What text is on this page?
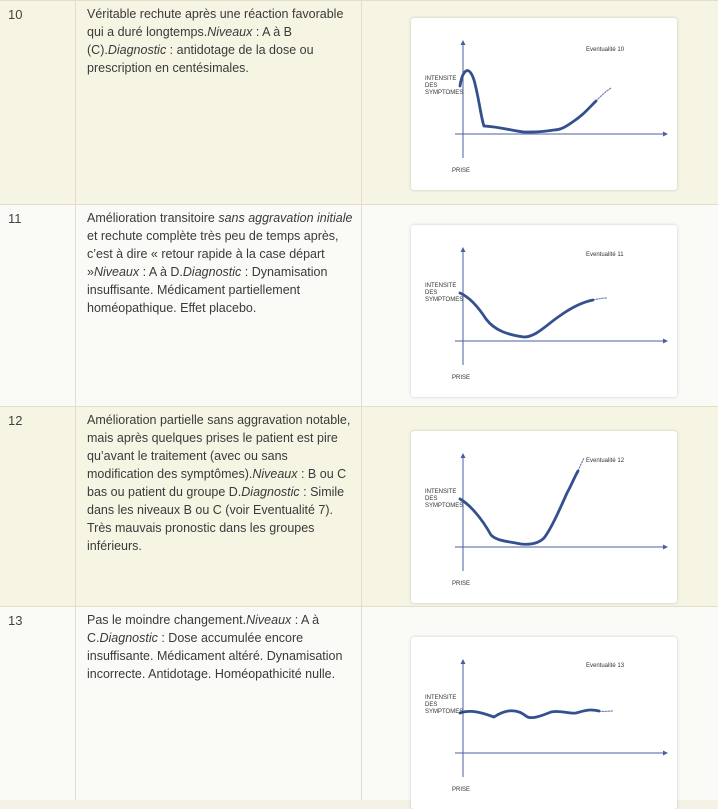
10	Véritable rechute après une réaction favorable qui a duré longtemps.Niveaux : A à B (C).Diagnostic : antidotage de la dose ou prescription en centésimales.
Eventualité 10
INTENSITE
DES
SYMPTOMES
PRISE
11	Amélioration transitoire sans aggravation initiale et rechute complète très peu de temps après, c’est à dire « retour rapide à la case départ »Niveaux : A à D.Diagnostic : Dynamisation insuffisante. Médicament partiellement homéopathique. Effet placebo.
Eventualité 11
INTENSITE
DES
SYMPTOMES
PRISE
12	Amélioration partielle sans aggravation notable, mais après quelques prises le patient est pire qu’avant le traitement (avec ou sans modification des symptômes).Niveaux : B ou C bas ou patient du groupe D.Diagnostic : Simile dans les niveaux B ou C (voir Eventualité 7). Très mauvais pronostic dans les groupes inférieurs.
Eventualité 12
INTENSITE
DES
SYMPTOMES
PRISE
13	Pas le moindre changement.Niveaux : A à C.Diagnostic : Dose accumulée encore insuffisante. Médicament altéré. Dynamisation incorrecte. Antidotage. Homéopathicité nulle.
Eventualité 13
INTENSITE
DES
SYMPTOMES
PRISE
